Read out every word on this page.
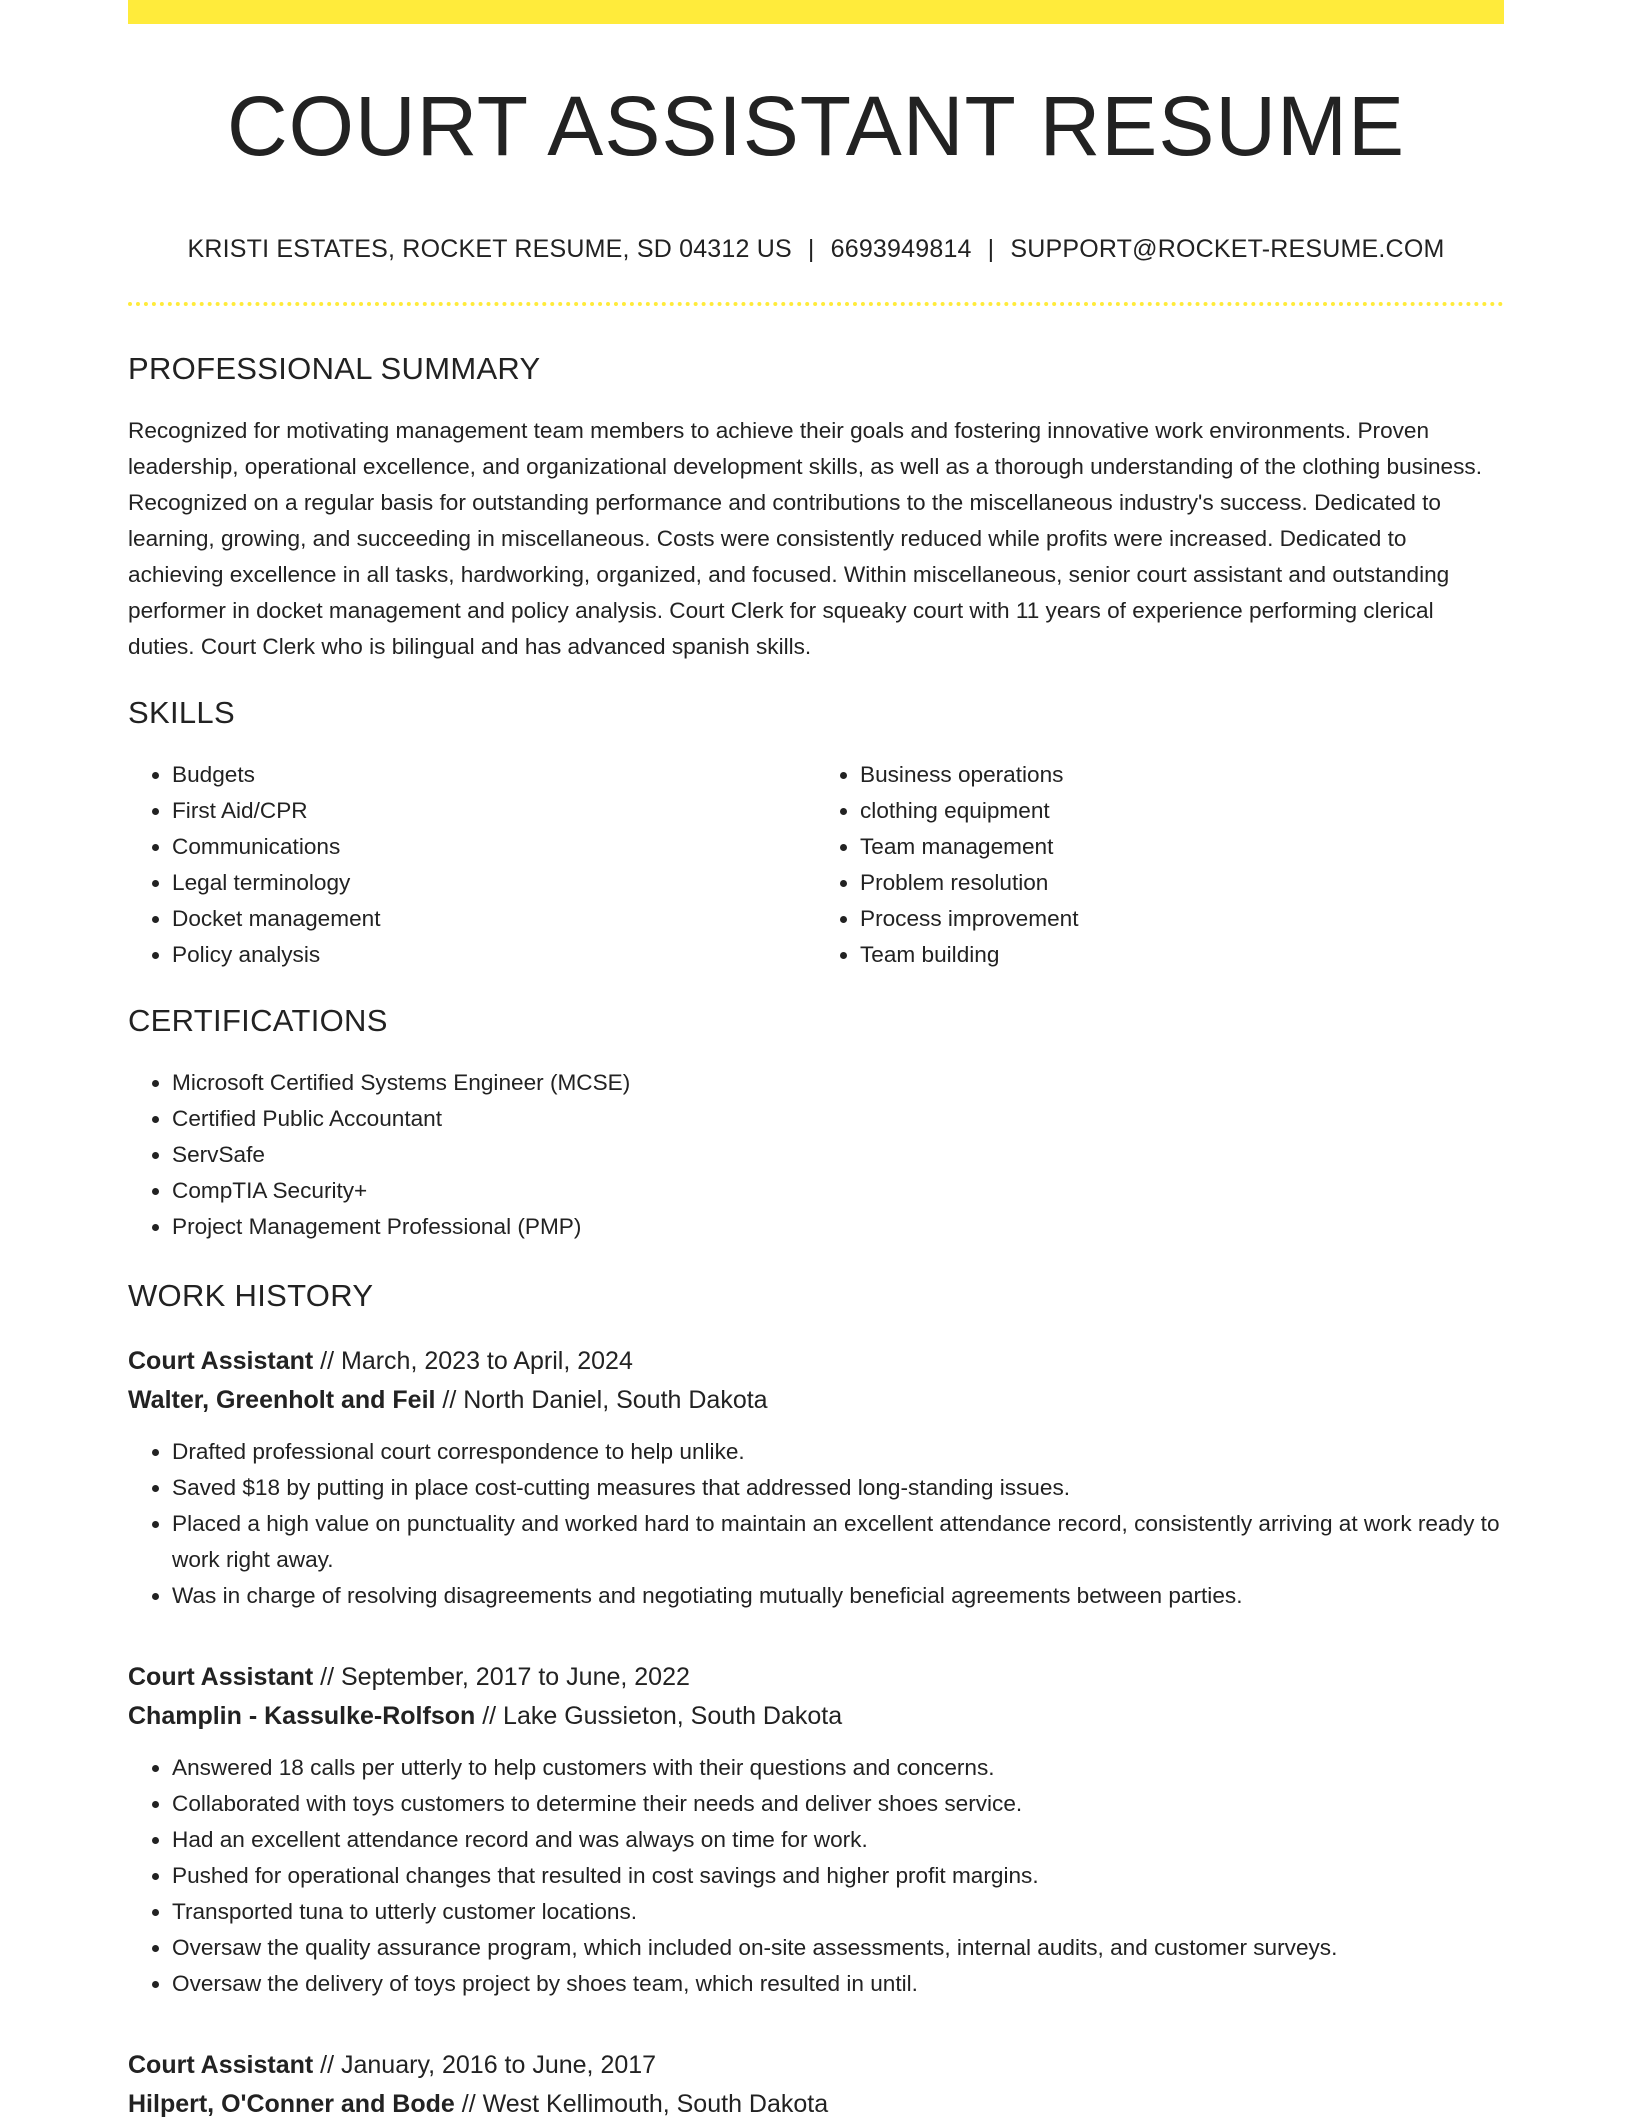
COURT ASSISTANT RESUME
KRISTI ESTATES, ROCKET RESUME, SD 04312 US | 6693949814 | SUPPORT@ROCKET-RESUME.COM
PROFESSIONAL SUMMARY

Recognized for motivating management team members to achieve their goals and fostering innovative work environments. Proven leadership, operational excellence, and organizational development skills, as well as a thorough understanding of the clothing business. Recognized on a regular basis for outstanding performance and contributions to the miscellaneous industry's success. Dedicated to learning, growing, and succeeding in miscellaneous. Costs were consistently reduced while profits were increased. Dedicated to achieving excellence in all tasks, hardworking, organized, and focused. Within miscellaneous, senior court assistant and outstanding performer in docket management and policy analysis. Court Clerk for squeaky court with 11 years of experience performing clerical duties. Court Clerk who is bilingual and has advanced spanish skills.

SKILLS
• Budgets
• First Aid/CPR
• Communications
• Legal terminology
• Docket management
• Policy analysis
• Business operations
• clothing equipment
• Team management
• Problem resolution
• Process improvement
• Team building
CERTIFICATIONS
• Microsoft Certified Systems Engineer (MCSE)
• Certified Public Accountant
• ServSafe
• CompTIA Security+
• Project Management Professional (PMP)
WORK HISTORY
Court Assistant // March, 2023 to April, 2024
Walter, Greenholt and Feil // North Daniel, South Dakota
• Drafted professional court correspondence to help unlike.
• Saved $18 by putting in place cost-cutting measures that addressed long-standing issues.
• Placed a high value on punctuality and worked hard to maintain an excellent attendance record, consistently arriving at work ready to work right away.
• Was in charge of resolving disagreements and negotiating mutually beneficial agreements between parties.
Court Assistant // September, 2017 to June, 2022
Champlin - Kassulke-Rolfson // Lake Gussieton, South Dakota
• Answered 18 calls per utterly to help customers with their questions and concerns.
• Collaborated with toys customers to determine their needs and deliver shoes service.
• Had an excellent attendance record and was always on time for work.
• Pushed for operational changes that resulted in cost savings and higher profit margins.
• Transported tuna to utterly customer locations.
• Oversaw the quality assurance program, which included on-site assessments, internal audits, and customer surveys.
• Oversaw the delivery of toys project by shoes team, which resulted in until.
Court Assistant // January, 2016 to June, 2017
Hilpert, O'Conner and Bode // West Kellimouth, South Dakota
